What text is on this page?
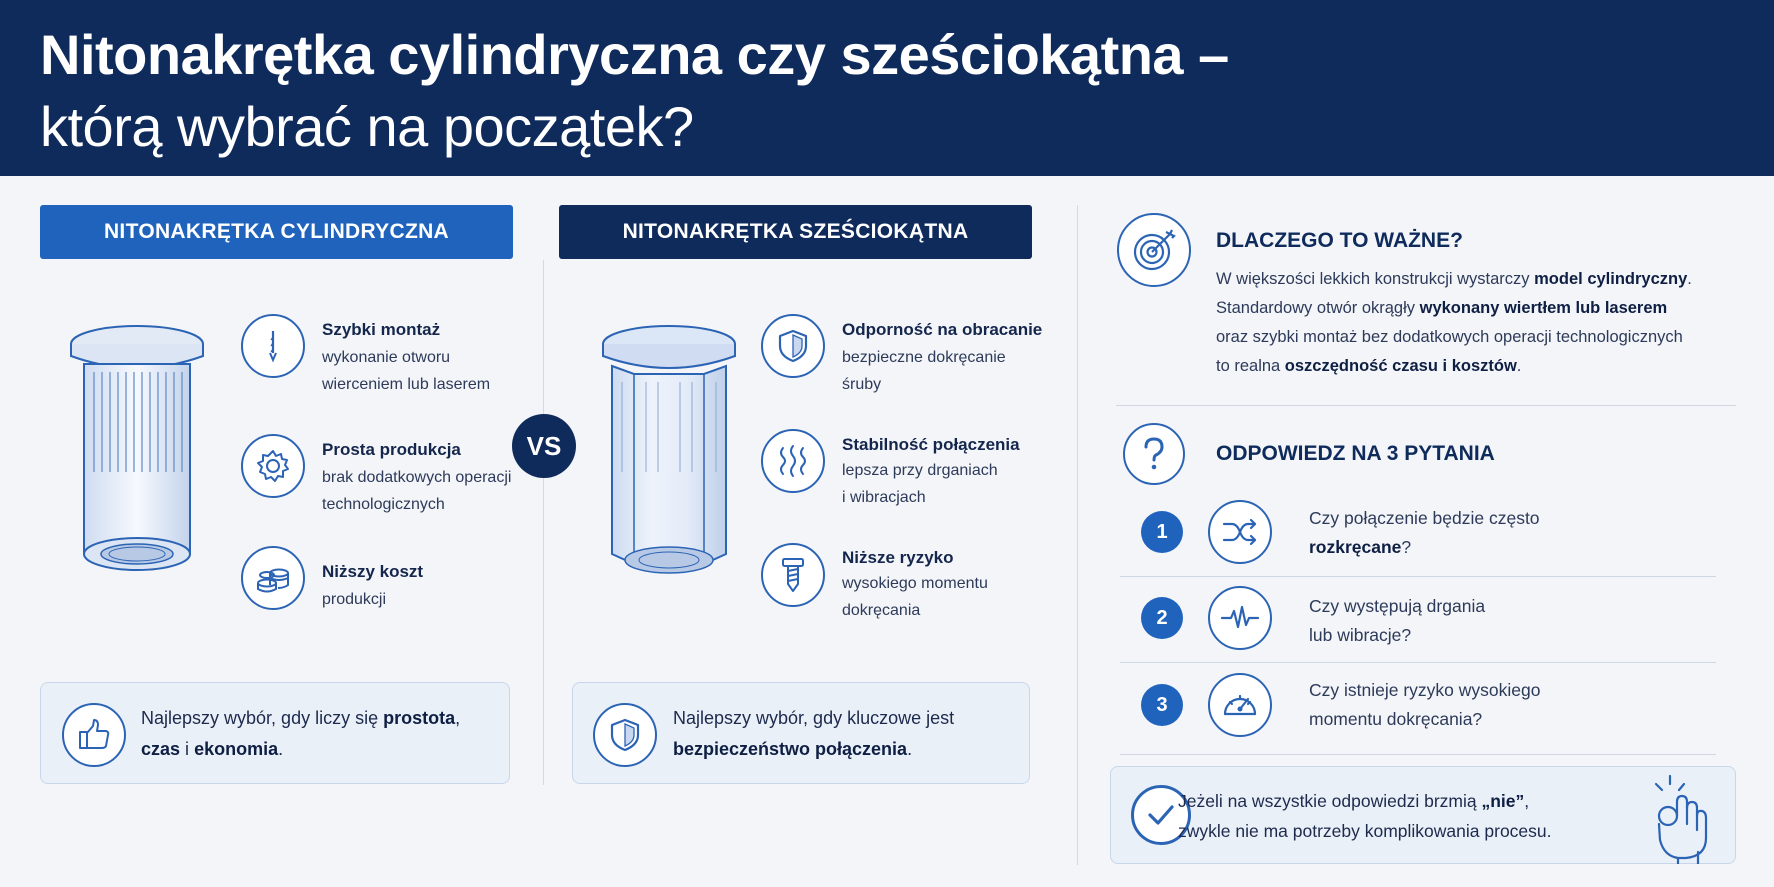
Nitonakrętka cylindryczna czy sześciokątna –
którą wybrać na początek?
NITONAKRĘTKA CYLINDRYCZNA	NITONAKRĘTKA SZEŚCIOKĄTNA
VS
Szybki montaż
wykonanie otworu
wierceniem lub laserem
Prosta produkcja
brak dodatkowych operacji
technologicznych
Niższy koszt
produkcji
Odporność na obracanie
bezpieczne dokręcanie
śruby
Stabilność połączenia
lepsza przy drganiach
i wibracjach
Niższe ryzyko
wysokiego momentu
dokręcania
Najlepszy wybór, gdy liczy się prostota,
czas i ekonomia.
Najlepszy wybór, gdy kluczowe jest
bezpieczeństwo połączenia.
DLACZEGO TO WAŻNE?
W większości lekkich konstrukcji wystarczy model cylindryczny.
Standardowy otwór okrągły wykonany wiertłem lub laserem
oraz szybki montaż bez dodatkowych operacji technologicznych
to realna oszczędność czasu i kosztów.
ODPOWIEDZ NA 3 PYTANIA
1
Czy połączenie będzie często
rozkręcane?
2
Czy występują drgania
lub wibracje?
3
Czy istnieje ryzyko wysokiego
momentu dokręcania?
Jeżeli na wszystkie odpowiedzi brzmią „nie”,
zwykle nie ma potrzeby komplikowania procesu.
